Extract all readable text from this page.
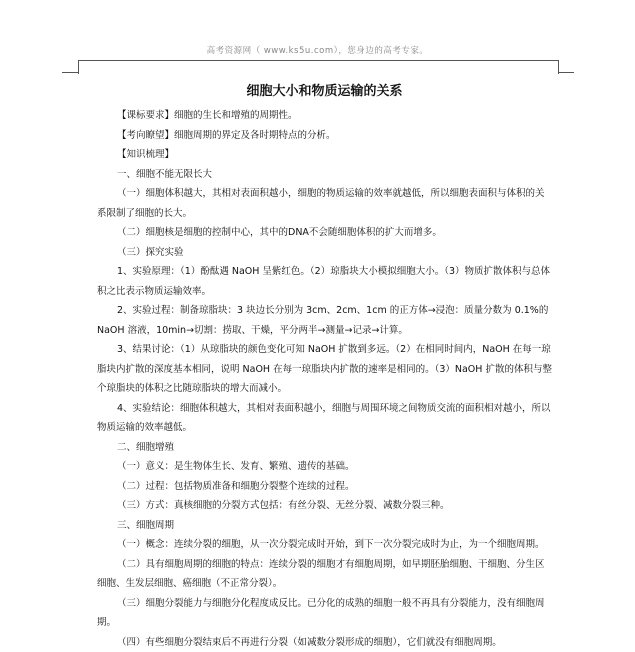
高考资源网（ www.ks5u.com），您身边的高考专家。
细胞大小和物质运输的关系

【课标要求】细胞的生长和增殖的周期性。

【考向瞭望】细胞周期的界定及各时期特点的分析。

【知识梳理】

一、细胞不能无限长大

（一）细胞体积越大，其相对表面积越小，细胞的物质运输的效率就越低，所以细胞表面积与体积的关系限制了细胞的长大。

（二）细胞核是细胞的控制中心，其中的DNA不会随细胞体积的扩大而增多。

（三）探究实验

1、实验原理：（1）酚酞遇 NaOH 呈紫红色。（2）琼脂块大小模拟细胞大小。（3）物质扩散体积与总体积之比表示物质运输效率。

2、实验过程：制备琼脂块：3 块边长分别为 3cm、2cm、1cm 的正方体→浸泡：质量分数为 0.1%的 NaOH 溶液，10min→切割：捞取、干燥，平分两半→测量→记录→计算。

3、结果讨论：（1）从琼脂块的颜色变化可知 NaOH 扩散到多远。（2）在相同时间内，NaOH 在每一琼脂块内扩散的深度基本相同，说明 NaOH 在每一琼脂块内扩散的速率是相同的。（3）NaOH 扩散的体积与整个琼脂块的体积之比随琼脂块的增大而减小。

4、实验结论：细胞体积越大，其相对表面积越小，细胞与周围环境之间物质交流的面积相对越小，所以物质运输的效率越低。

二、细胞增殖

（一）意义：是生物体生长、发育、繁殖、遗传的基础。

（二）过程：包括物质准备和细胞分裂整个连续的过程。

（三）方式：真核细胞的分裂方式包括：有丝分裂、无丝分裂、减数分裂三种。

三、细胞周期

（一）概念：连续分裂的细胞，从一次分裂完成时开始，到下一次分裂完成时为止，为一个细胞周期。

（二）具有细胞周期的细胞的特点：连续分裂的细胞才有细胞周期，如早期胚胎细胞、干细胞、分生区细胞、生发层细胞、癌细胞（不正常分裂）。

（三）细胞分裂能力与细胞分化程度成反比。已分化的成熟的细胞一般不再具有分裂能力，没有细胞周期。

（四）有些细胞分裂结束后不再进行分裂（如减数分裂形成的细胞），它们就没有细胞周期。
